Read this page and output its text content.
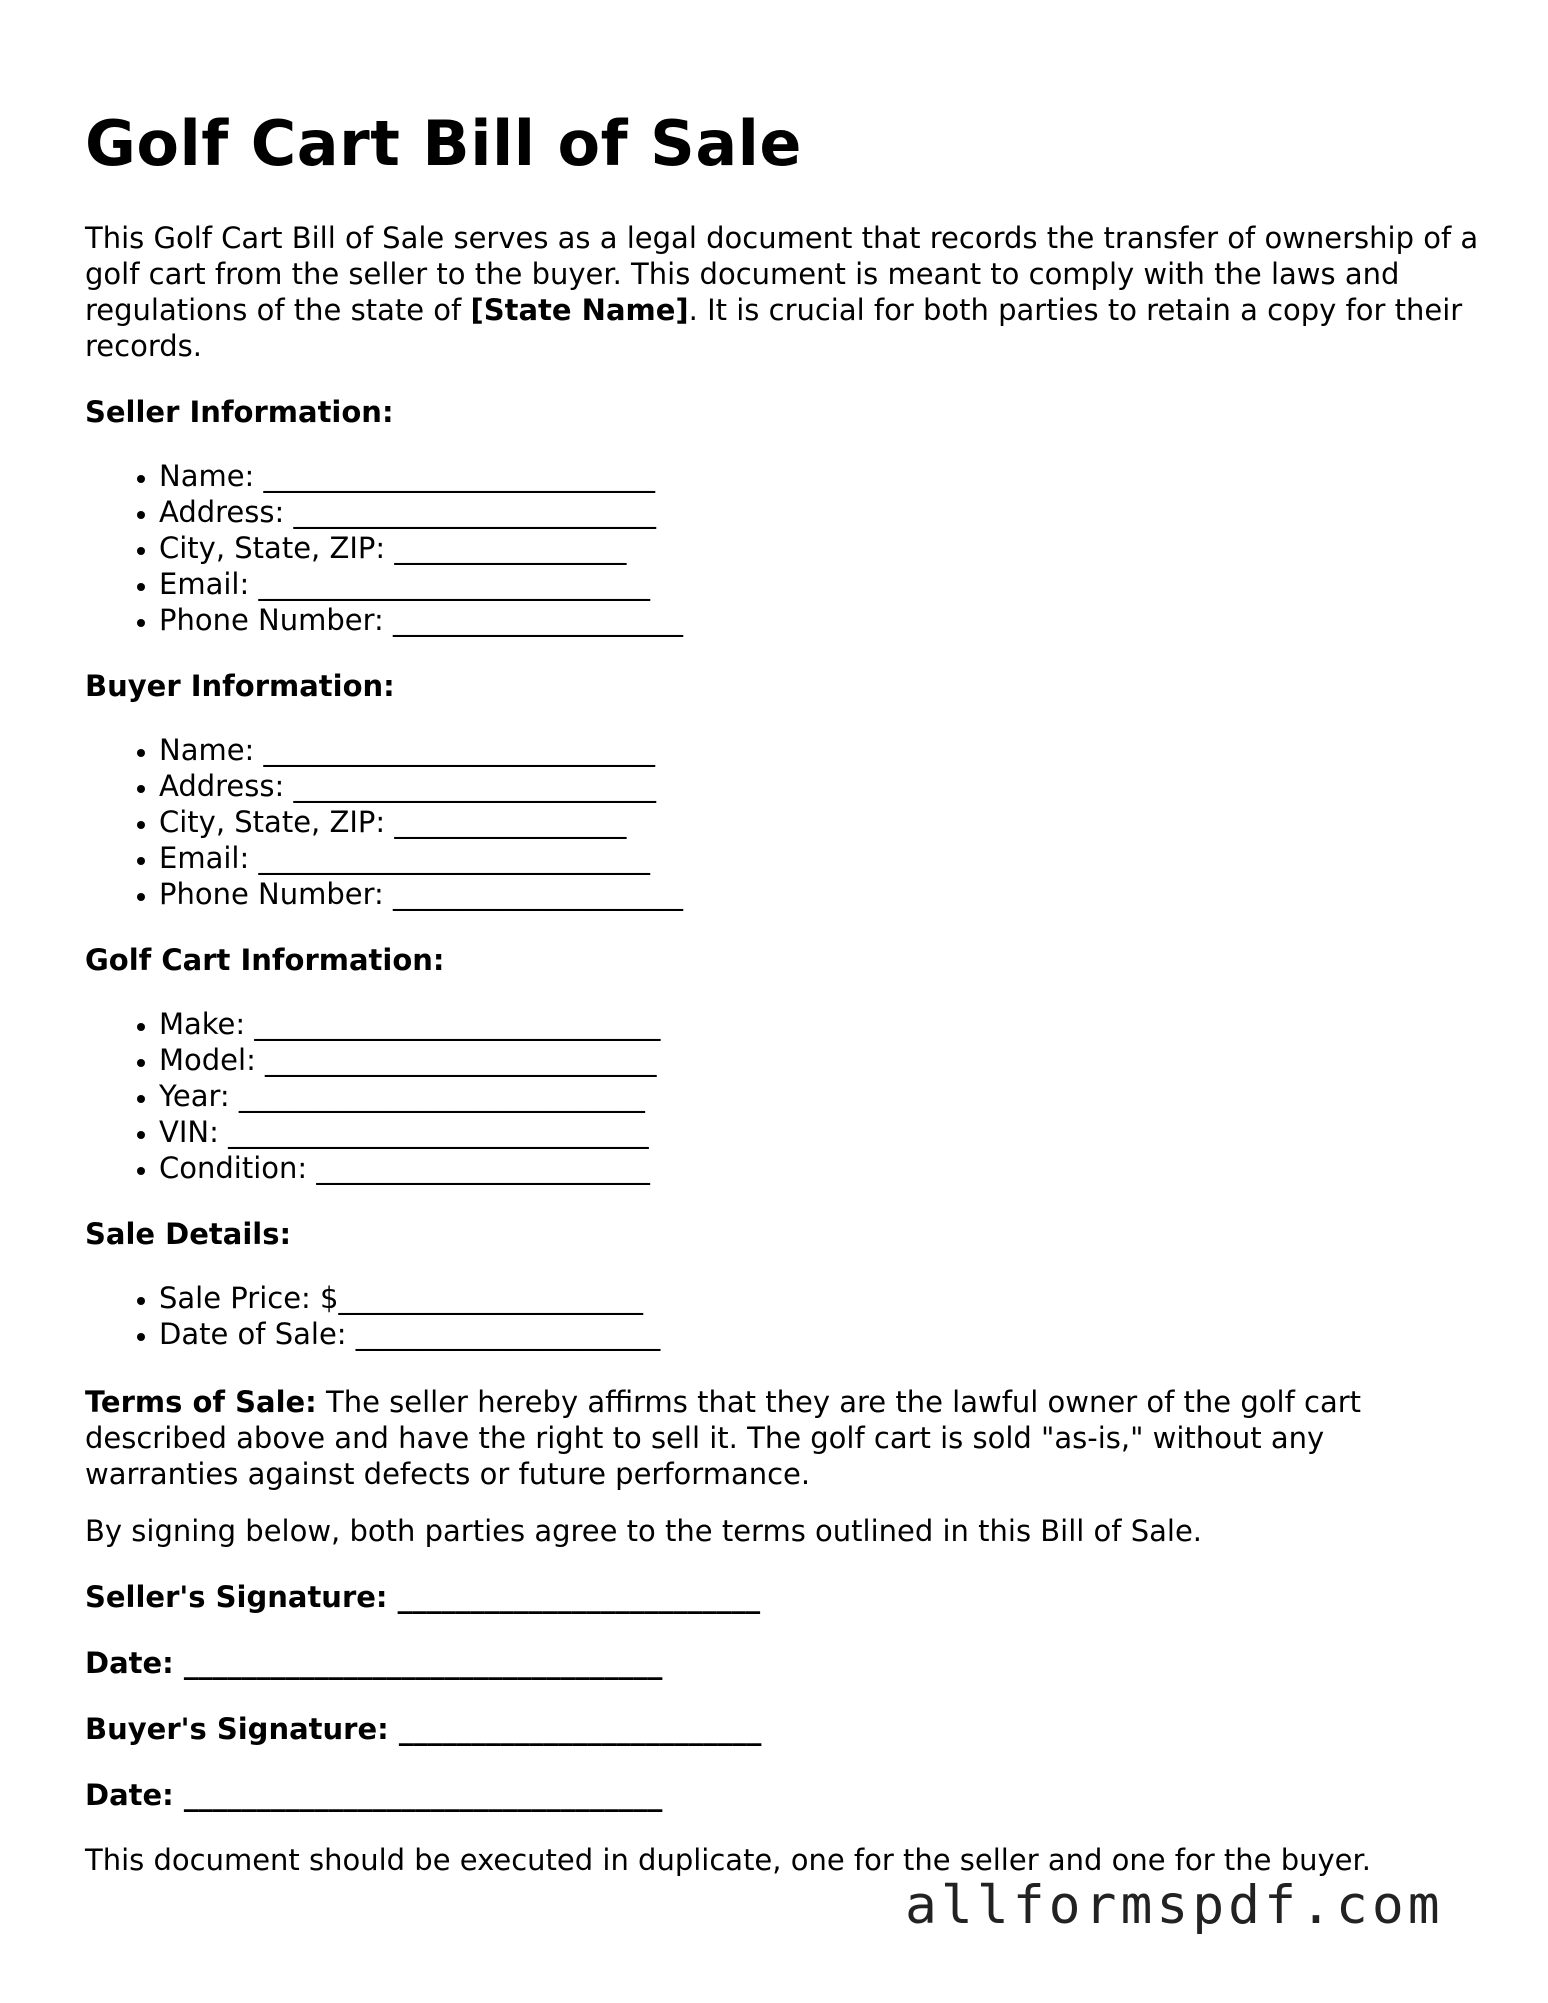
Golf Cart Bill of Sale

This Golf Cart Bill of Sale serves as a legal document that records the transfer of ownership of a golf cart from the seller to the buyer. This document is meant to comply with the laws and regulations of the state of [State Name]. It is crucial for both parties to retain a copy for their records.

Seller Information:

• Name: ___________________________
• Address: _________________________
• City, State, ZIP: ________________
• Email: ___________________________
• Phone Number: ____________________

Buyer Information:

• Name: ___________________________
• Address: _________________________
• City, State, ZIP: ________________
• Email: ___________________________
• Phone Number: ____________________

Golf Cart Information:

• Make: ____________________________
• Model: ___________________________
• Year: ____________________________
• VIN: _____________________________
• Condition: _______________________

Sale Details:

• Sale Price: $_____________________
• Date of Sale: _____________________

Terms of Sale: The seller hereby affirms that they are the lawful owner of the golf cart described above and have the right to sell it. The golf cart is sold "as-is," without any warranties against defects or future performance.

By signing below, both parties agree to the terms outlined in this Bill of Sale.

Seller's Signature: _________________________

Date: _________________________________

Buyer's Signature: _________________________

Date: _________________________________

This document should be executed in duplicate, one for the seller and one for the buyer.

allformspdf.com
